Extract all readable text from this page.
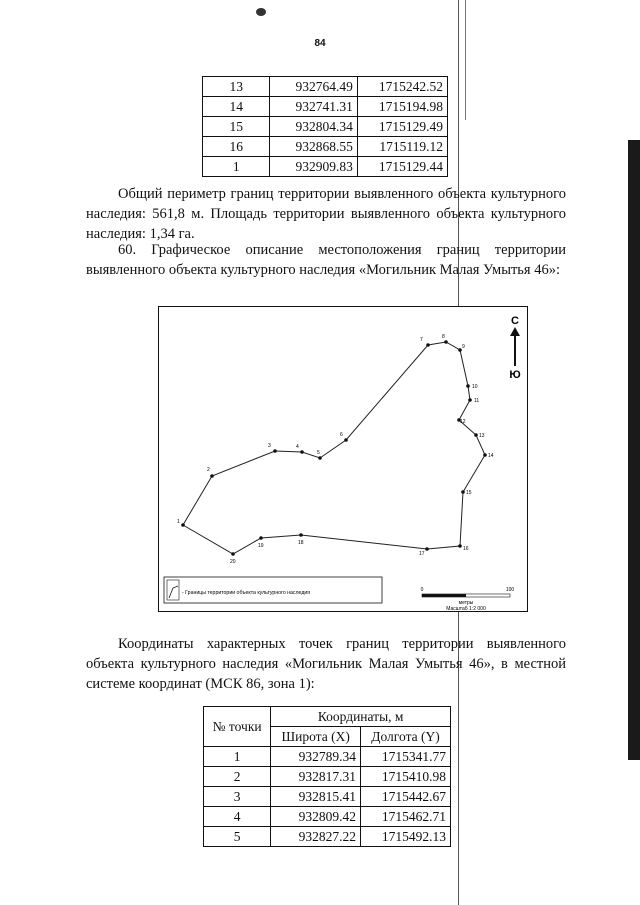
84
13	932764.49	1715242.52
14	932741.31	1715194.98
15	932804.34	1715129.49
16	932868.55	1715119.12
1	932909.83	1715129.44

Общий периметр границ территории выявленного объекта культурного наследия: 561,8 м. Площадь территории выявленного объекта культурного наследия: 1,34 га.

60. Графическое описание местоположения границ территории выявленного объекта культурного наследия «Могильник Малая Умытья 46»:

1
2
3	4
5
6
7	8
9
10
11
12
13
14
15
16
17
18
19
20
С
Ю
- Границы территории объекта культурного наследия	0	100
метры
Масштаб 1:2 000

Координаты характерных точек границ территории выявленного объекта культурного наследия «Могильник Малая Умытья 46», в местной системе координат (МСК 86, зона 1):

№ точки	Координаты, м	
	Широта (X)	Долгота (Y)
1	932789.34	1715341.77
2	932817.31	1715410.98
3	932815.41	1715442.67
4	932809.42	1715462.71
5	932827.22	1715492.13
